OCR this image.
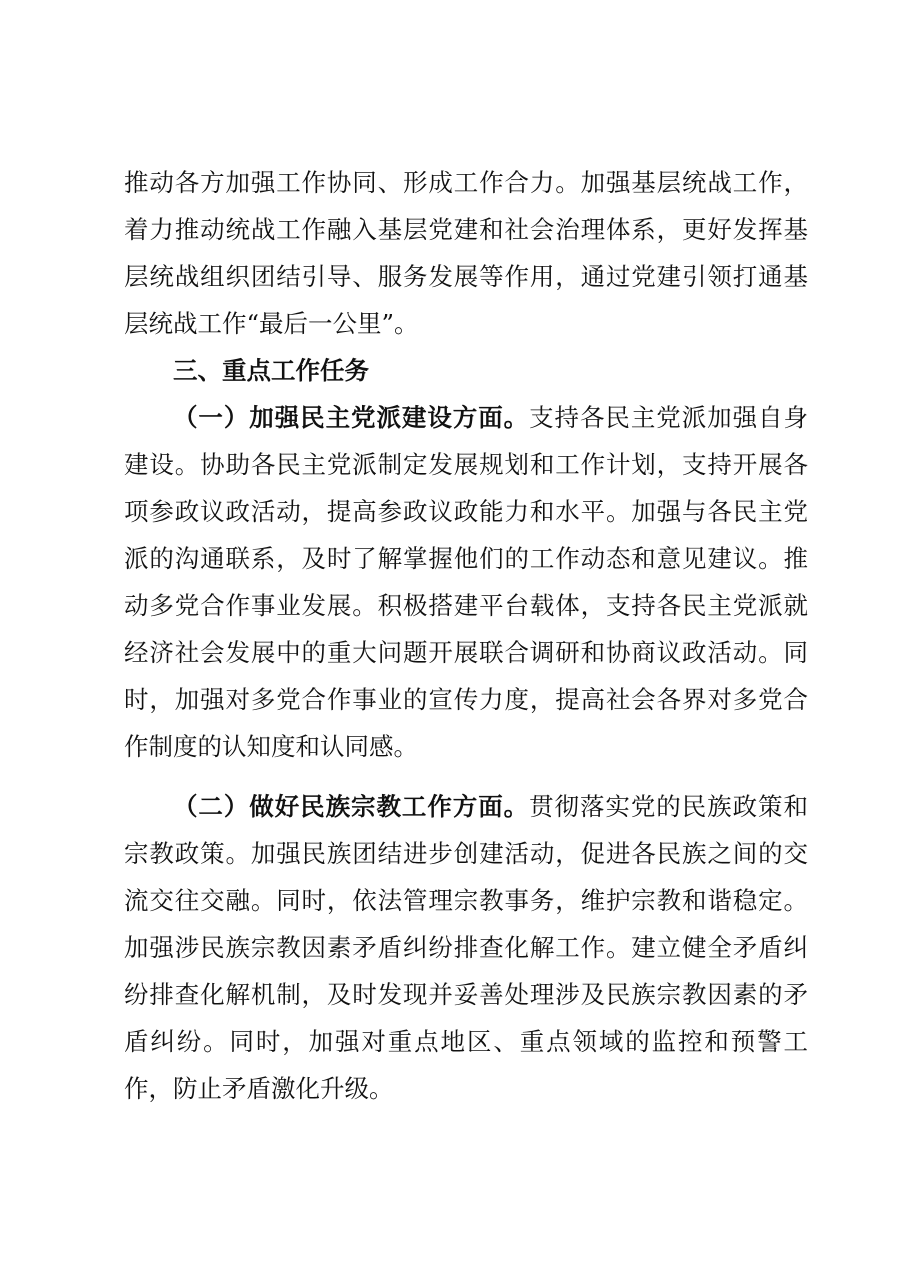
推动各方加强工作协同、形成工作合力。加强基层统战工作，着力推动统战工作融入基层党建和社会治理体系，更好发挥基层统战组织团结引导、服务发展等作用，通过党建引领打通基层统战工作“最后一公里”。

三、重点工作任务

（一）加强民主党派建设方面。支持各民主党派加强自身建设。协助各民主党派制定发展规划和工作计划，支持开展各项参政议政活动，提高参政议政能力和水平。加强与各民主党派的沟通联系，及时了解掌握他们的工作动态和意见建议。推动多党合作事业发展。积极搭建平台载体，支持各民主党派就经济社会发展中的重大问题开展联合调研和协商议政活动。同时，加强对多党合作事业的宣传力度，提高社会各界对多党合作制度的认知度和认同感。

（二）做好民族宗教工作方面。贯彻落实党的民族政策和宗教政策。加强民族团结进步创建活动，促进各民族之间的交流交往交融。同时，依法管理宗教事务，维护宗教和谐稳定。加强涉民族宗教因素矛盾纠纷排查化解工作。建立健全矛盾纠纷排查化解机制，及时发现并妥善处理涉及民族宗教因素的矛盾纠纷。同时，加强对重点地区、重点领域的监控和预警工作，防止矛盾激化升级。
